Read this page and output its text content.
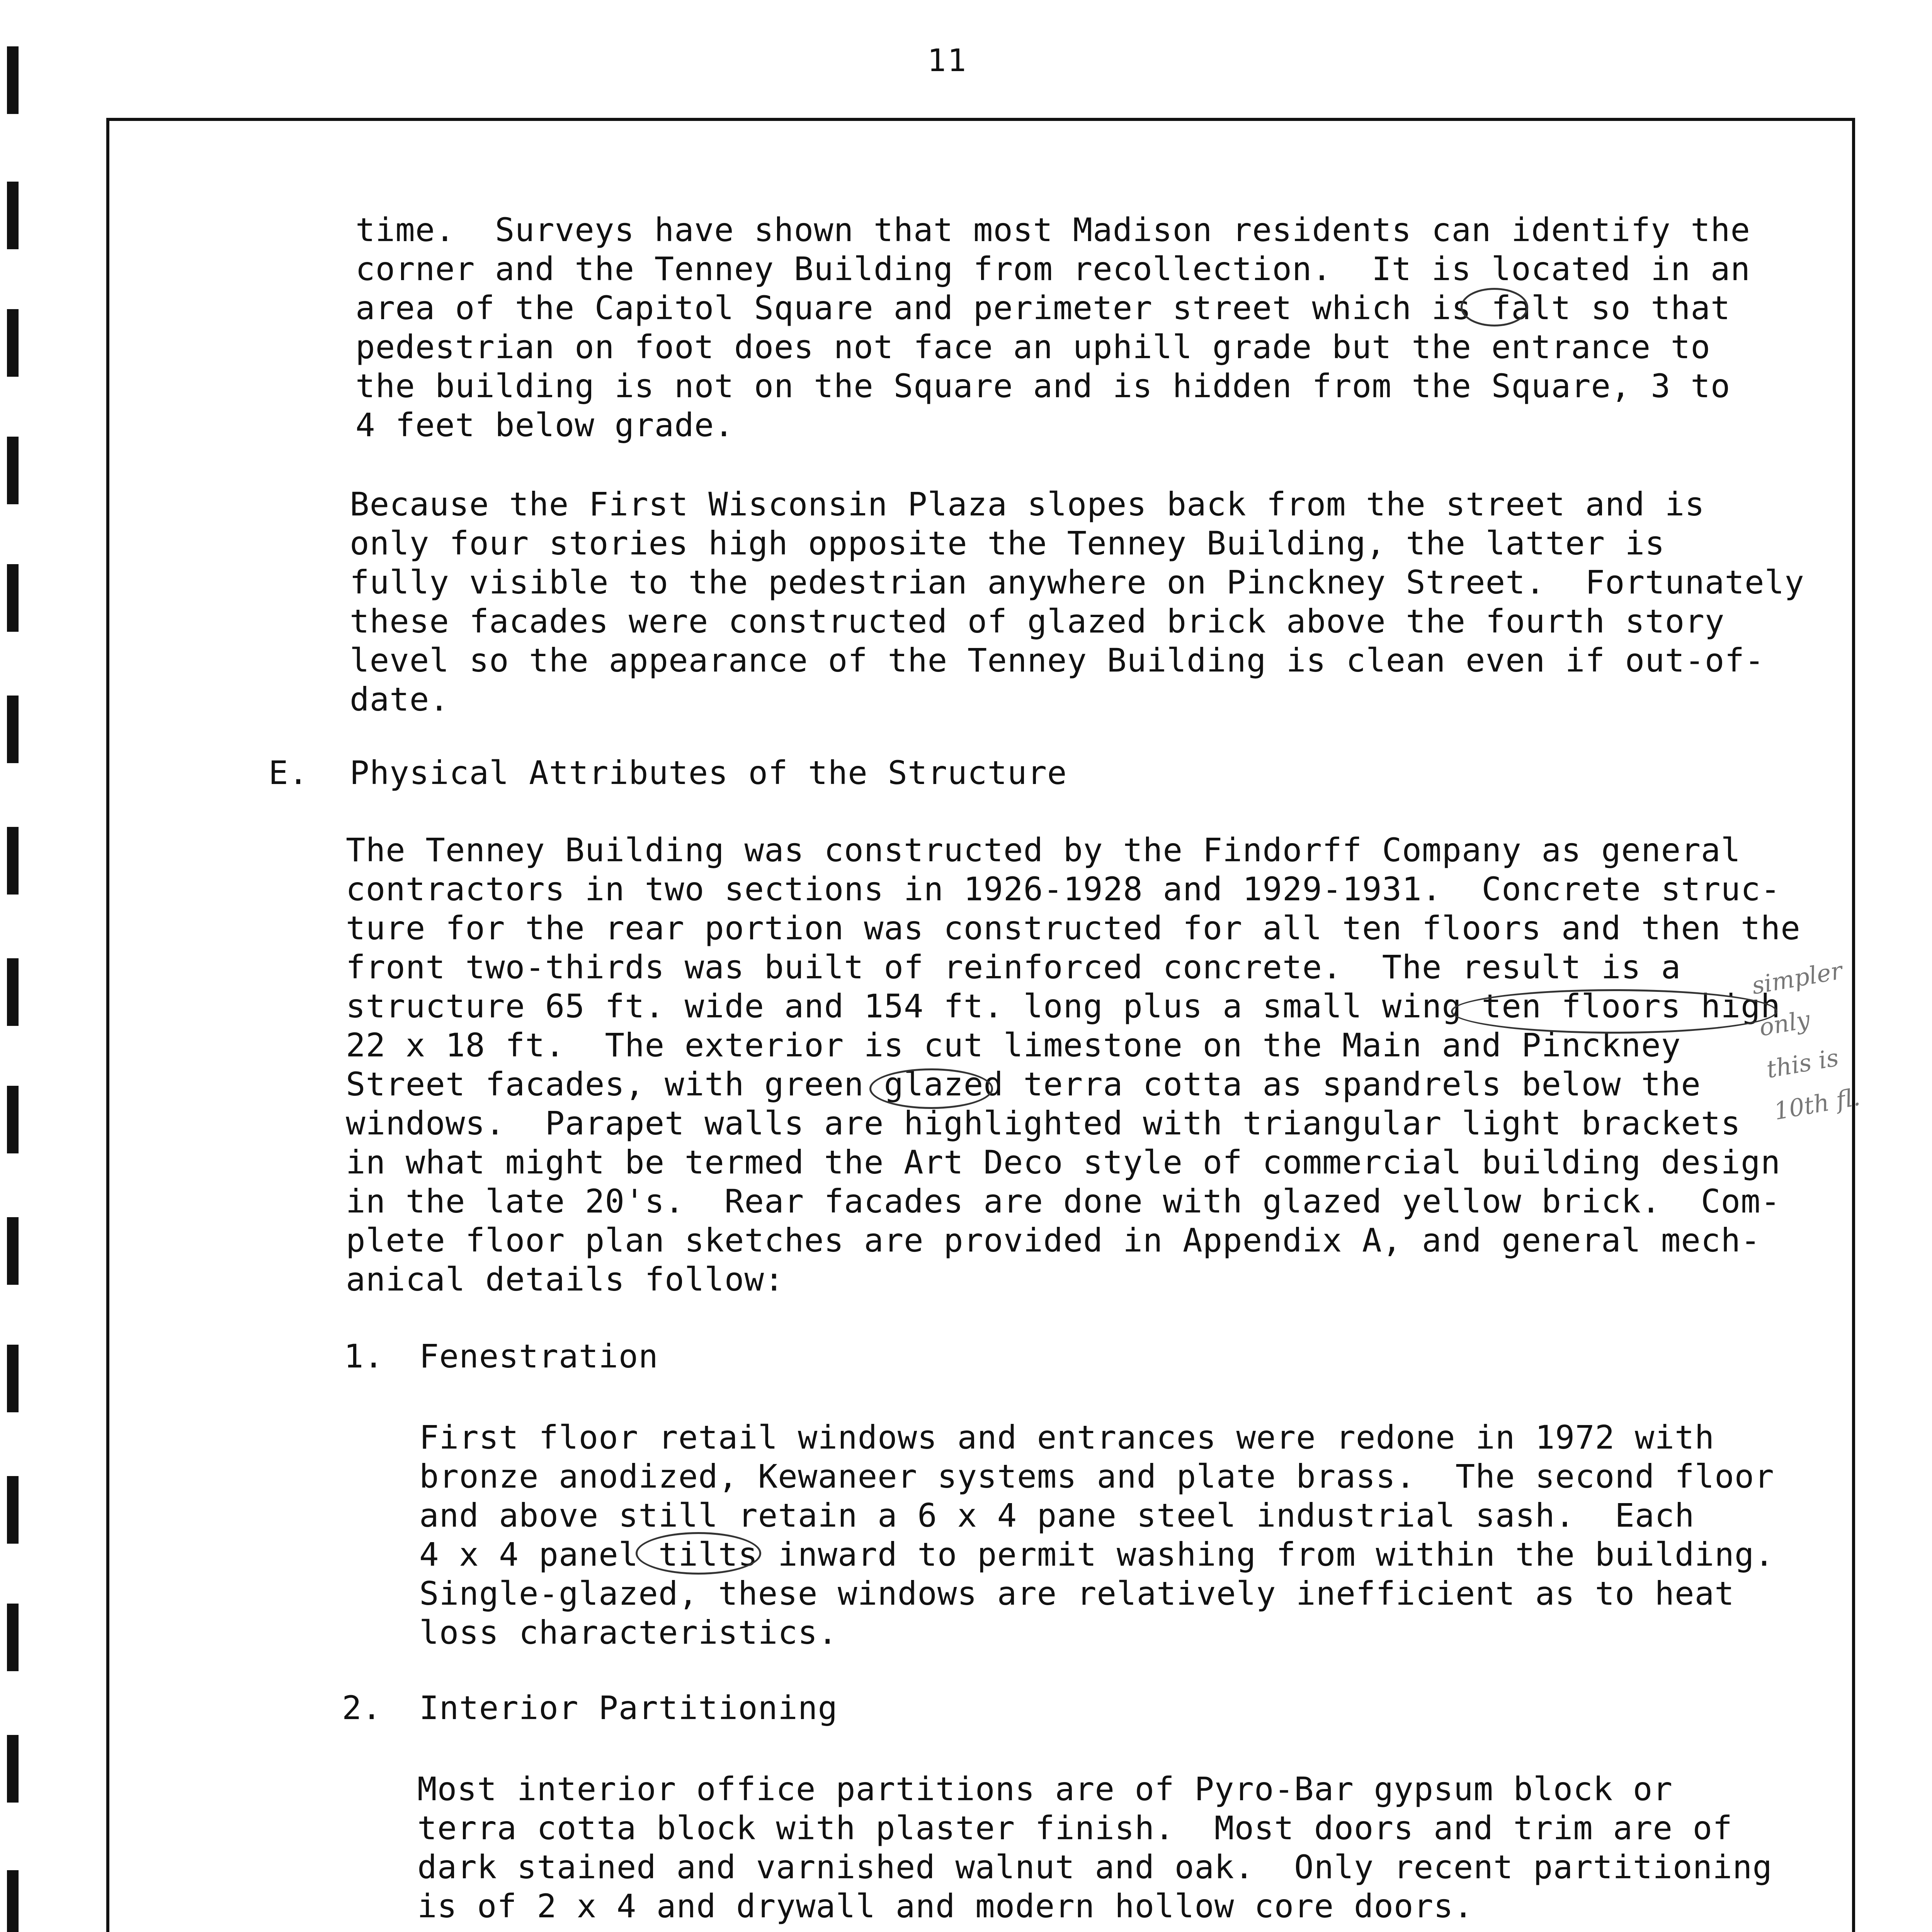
11
time.  Surveys have shown that most Madison residents can identify the
corner and the Tenney Building from recollection.  It is located in an
area of the Capitol Square and perimeter street which is falt so that
pedestrian on foot does not face an uphill grade but the entrance to
the building is not on the Square and is hidden from the Square, 3 to
4 feet below grade.
Because the First Wisconsin Plaza slopes back from the street and is
only four stories high opposite the Tenney Building, the latter is
fully visible to the pedestrian anywhere on Pinckney Street.  Fortunately
these facades were constructed of glazed brick above the fourth story
level so the appearance of the Tenney Building is clean even if out-of-
date.
E. Physical Attributes of the Structure
The Tenney Building was constructed by the Findorff Company as general
contractors in two sections in 1926-1928 and 1929-1931.  Concrete struc-
ture for the rear portion was constructed for all ten floors and then the
front two-thirds was built of reinforced concrete.  The result is a
structure 65 ft. wide and 154 ft. long plus a small wing ten floors high
22 x 18 ft.  The exterior is cut limestone on the Main and Pinckney
Street facades, with green glazed terra cotta as spandrels below the
windows.  Parapet walls are highlighted with triangular light brackets
in what might be termed the Art Deco style of commercial building design
in the late 20's.  Rear facades are done with glazed yellow brick.  Com-
plete floor plan sketches are provided in Appendix A, and general mech-
anical details follow:
1. Fenestration
First floor retail windows and entrances were redone in 1972 with
bronze anodized, Kewaneer systems and plate brass.  The second floor
and above still retain a 6 x 4 pane steel industrial sash.  Each
4 x 4 panel tilts inward to permit washing from within the building.
Single-glazed, these windows are relatively inefficient as to heat
loss characteristics.
2. Interior Partitioning
Most interior office partitions are of Pyro-Bar gypsum block or
terra cotta block with plaster finish.  Most doors and trim are of
dark stained and varnished walnut and oak.  Only recent partitioning
is of 2 x 4 and drywall and modern hollow core doors.
simpler
only
this is
10th fl.
